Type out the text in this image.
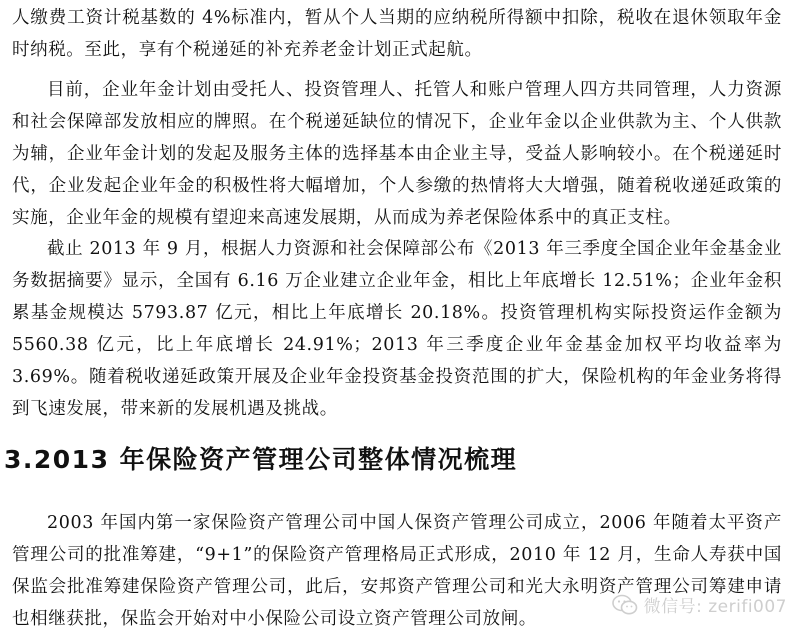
人缴费工资计税基数的 4%标准内，暂从个人当期的应纳税所得额中扣除，税收在退休领取年金时纳税。至此，享有个税递延的补充养老金计划正式起航。

目前，企业年金计划由受托人、投资管理人、托管人和账户管理人四方共同管理，人力资源和社会保障部发放相应的牌照。在个税递延缺位的情况下，企业年金以企业供款为主、个人供款为辅，企业年金计划的发起及服务主体的选择基本由企业主导，受益人影响较小。在个税递延时代，企业发起企业年金的积极性将大幅增加，个人参缴的热情将大大增强，随着税收递延政策的实施，企业年金的规模有望迎来高速发展期，从而成为养老保险体系中的真正支柱。

截止 2013 年 9 月，根据人力资源和社会保障部公布《2013 年三季度全国企业年金基金业务数据摘要》显示，全国有 6.16 万企业建立企业年金，相比上年底增长 12.51%；企业年金积累基金规模达 5793.87 亿元，相比上年底增长 20.18%。投资管理机构实际投资运作金额为 5560.38 亿元，比上年底增长 24.91%；2013 年三季度企业年金基金加权平均收益率为 3.69%。随着税收递延政策开展及企业年金投资基金投资范围的扩大，保险机构的年金业务将得到飞速发展，带来新的发展机遇及挑战。

3.2013 年保险资产管理公司整体情况梳理

2003 年国内第一家保险资产管理公司中国人保资产管理公司成立，2006 年随着太平资产管理公司的批准筹建，“9+1”的保险资产管理格局正式形成，2010 年 12 月，生命人寿获中国保监会批准筹建保险资产管理公司，此后，安邦资产管理公司和光大永明资产管理公司筹建申请也相继获批，保监会开始对中小保险公司设立资产管理公司放闸。

微信号: zerifi007
